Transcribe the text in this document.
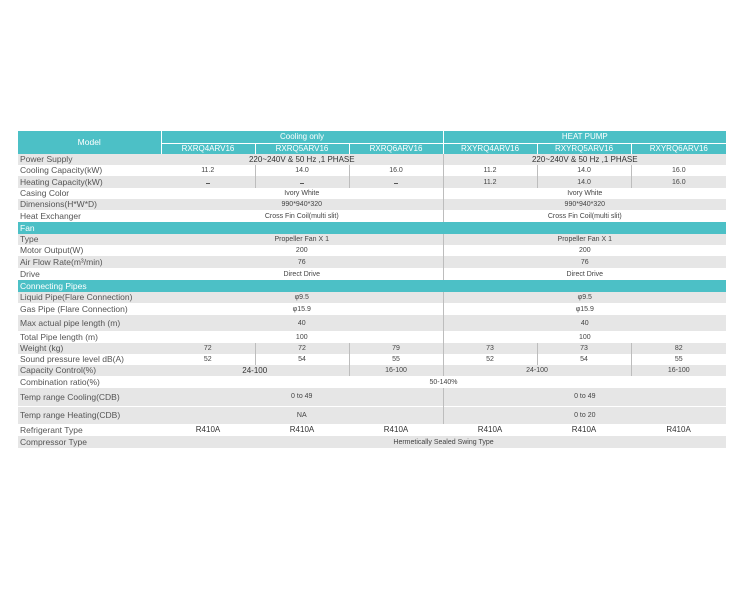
Model	Cooling only			HEAT PUMP		
	RXRQ4ARV16	RXRQ5ARV16	RXRQ6ARV16	RXYRQ4ARV16	RXYRQ5ARV16	RXYRQ6ARV16
Power Supply	220~240V & 50 Hz ,1 PHASE			220~240V & 50 Hz ,1 PHASE		
Cooling Capacity(kW)	11.2	14.0	16.0	11.2	14.0	16.0
Heating Capacity(kW)				11.2	14.0	16.0
Casing Color	Ivory White			Ivory White		
Dimensions(H*W*D)	990*940*320			990*940*320		
Heat Exchanger	Cross Fin Coil(multi slit)			Cross Fin Coil(multi slit)		
Fan						
Type	Propeller Fan X 1			Propeller Fan X 1		
Motor Output(W)	200			200		
Air Flow Rate(m³/min)	76			76		
Drive	Direct Drive			Direct Drive		
Connecting Pipes						
Liquid Pipe(Flare Connection)	φ9.5			φ9.5		
Gas Pipe (Flare Connection)	φ15.9			φ15.9		
Max actual pipe length (m)	40			40		
Total Pipe length (m)	100			100		
Weight (kg)	72	72	79	73	73	82
Sound pressure level dB(A)	52	54	55	52	54	55
Capacity Control(%)	24-100		16-100	24-100		16-100
Combination ratio(%)	50-140%					
Temp range Cooling(CDB)	0 to 49			0 to 49		
Temp range Heating(CDB)	NA			0 to 20		
Refrigerant Type	R410A	R410A	R410A	R410A	R410A	R410A
Compressor Type	Hermetically Sealed Swing Type					
